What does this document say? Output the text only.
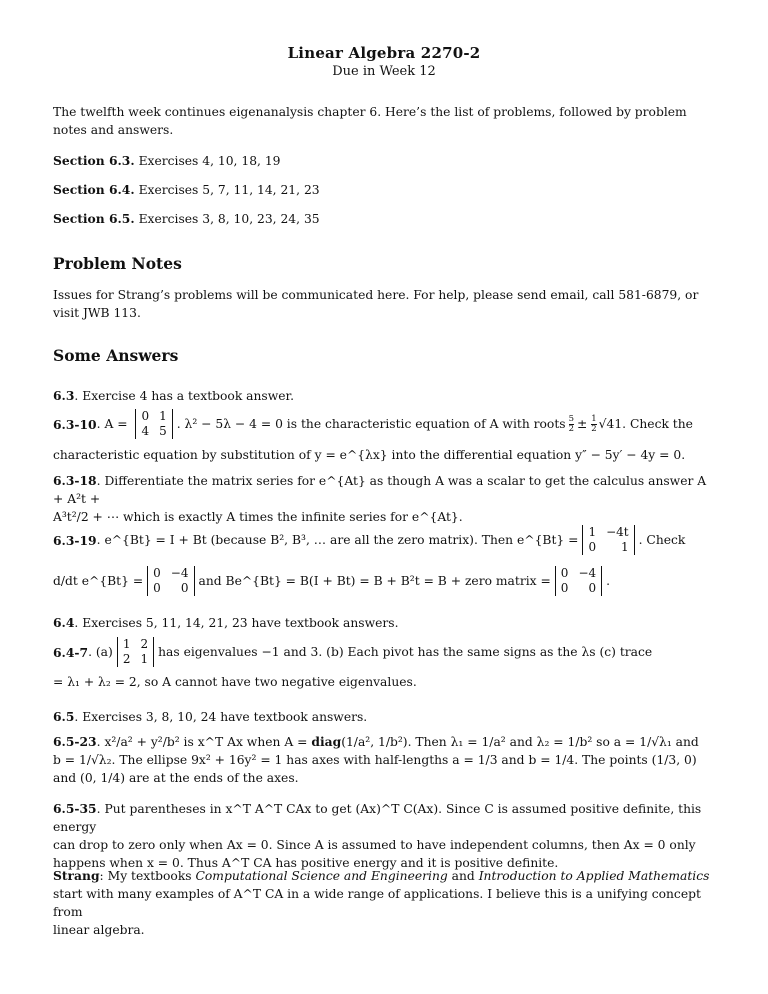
Linear Algebra 2270-2
Due in Week 12
The twelfth week continues eigenanalysis chapter 6. Here’s the list of problems, followed by problem notes and answers.
Section 6.3. Exercises 4, 10, 18, 19
Section 6.4. Exercises 5, 7, 11, 14, 21, 23
Section 6.5. Exercises 3, 8, 10, 23, 24, 35
Problem Notes
Issues for Strang’s problems will be communicated here. For help, please send email, call 581-6879, or visit JWB 113.
Some Answers
6.3. Exercise 4 has a textbook answer.
6.3-10 . A =
0	1
4	5 . λ² − 5λ − 4 = 0 is the characteristic equation of A with roots $\frac{5}{2} \pm \frac{1}{2} √41$. Check the
characteristic equation by substitution of y = e^{λx} into the differential equation y″ − 5y′ − 4y = 0.
6.3-18. Differentiate the matrix series for e^{At} as though A was a scalar to get the calculus answer A + A²t +
A³t²/2 + ⋯ which is exactly A times the infinite series for e^{At}.
6.3-19 . e^{Bt} = I + Bt (because B², B³, … are all the zero matrix). Then e^{Bt} =
1	−4t
0	1 . Check
d/dt e^{Bt} =
0	−4
0	0 and Be^{Bt} = B(I + Bt) = B + B²t = B + zero matrix =
0	−4
0	0 .
6.4. Exercises 5, 11, 14, 21, 23 have textbook answers.
6.4-7 . (a)
1	2
2	1 has eigenvalues −1 and 3. (b) Each pivot has the same signs as the λs (c) trace
= λ₁ + λ₂ = 2, so A cannot have two negative eigenvalues.
6.5. Exercises 3, 8, 10, 24 have textbook answers.
6.5-23. x²/a² + y²/b² is x^T Ax when A = diag(1/a², 1/b²). Then λ₁ = 1/a² and λ₂ = 1/b² so a = 1/√λ₁ and
b = 1/√λ₂. The ellipse 9x² + 16y² = 1 has axes with half-lengths a = 1/3 and b = 1/4. The points (1/3, 0)
and (0, 1/4) are at the ends of the axes.
6.5-35. Put parentheses in x^T A^T CAx to get (Ax)^T C(Ax). Since C is assumed positive definite, this energy
can drop to zero only when Ax = 0. Since A is assumed to have independent columns, then Ax = 0 only
happens when x = 0. Thus A^T CA has positive energy and it is positive definite.
Strang: My textbooks Computational Science and Engineering and Introduction to Applied Mathematics
start with many examples of A^T CA in a wide range of applications. I believe this is a unifying concept from
linear algebra.
